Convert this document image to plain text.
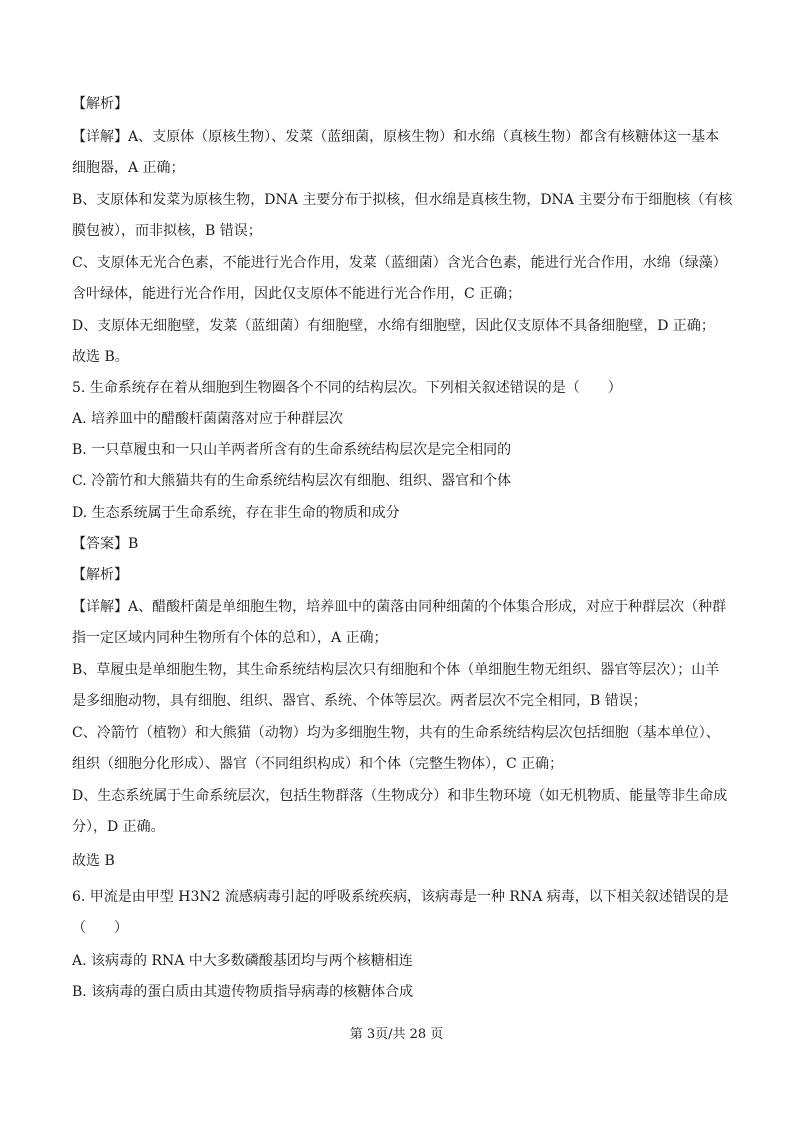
【解析】
【详解】A、支原体（原核生物）、发菜（蓝细菌，原核生物）和水绵（真核生物）都含有核糖体这一基本
细胞器，A 正确；
B、支原体和发菜为原核生物，DNA 主要分布于拟核，但水绵是真核生物，DNA 主要分布于细胞核（有核
膜包被），而非拟核，B 错误；
C、支原体无光合色素，不能进行光合作用，发菜（蓝细菌）含光合色素，能进行光合作用，水绵（绿藻）
含叶绿体，能进行光合作用，因此仅支原体不能进行光合作用，C 正确；
D、支原体无细胞壁，发菜（蓝细菌）有细胞壁，水绵有细胞壁，因此仅支原体不具备细胞壁，D 正确；
故选 B。
5. 生命系统存在着从细胞到生物圈各个不同的结构层次。下列相关叙述错误的是（　　）
A. 培养皿中的醋酸杆菌菌落对应于种群层次
B. 一只草履虫和一只山羊两者所含有的生命系统结构层次是完全相同的
C. 冷箭竹和大熊猫共有的生命系统结构层次有细胞、组织、器官和个体
D. 生态系统属于生命系统，存在非生命的物质和成分
【答案】B
【解析】
【详解】A、醋酸杆菌是单细胞生物，培养皿中的菌落由同种细菌的个体集合形成，对应于种群层次（种群
指一定区域内同种生物所有个体的总和），A 正确；
B、草履虫是单细胞生物，其生命系统结构层次只有细胞和个体（单细胞生物无组织、器官等层次）；山羊
是多细胞动物，具有细胞、组织、器官、系统、个体等层次。两者层次不完全相同，B 错误；
C、冷箭竹（植物）和大熊猫（动物）均为多细胞生物，共有的生命系统结构层次包括细胞（基本单位）、
组织（细胞分化形成）、器官（不同组织构成）和个体（完整生物体），C 正确；
D、生态系统属于生命系统层次，包括生物群落（生物成分）和非生物环境（如无机物质、能量等非生命成
分），D 正确。
故选 B
6. 甲流是由甲型 H3N2 流感病毒引起的呼吸系统疾病，该病毒是一种 RNA 病毒，以下相关叙述错误的是
（　　）
A. 该病毒的 RNA 中大多数磷酸基团均与两个核糖相连
B. 该病毒的蛋白质由其遗传物质指导病毒的核糖体合成
第 3页/共 28 页
